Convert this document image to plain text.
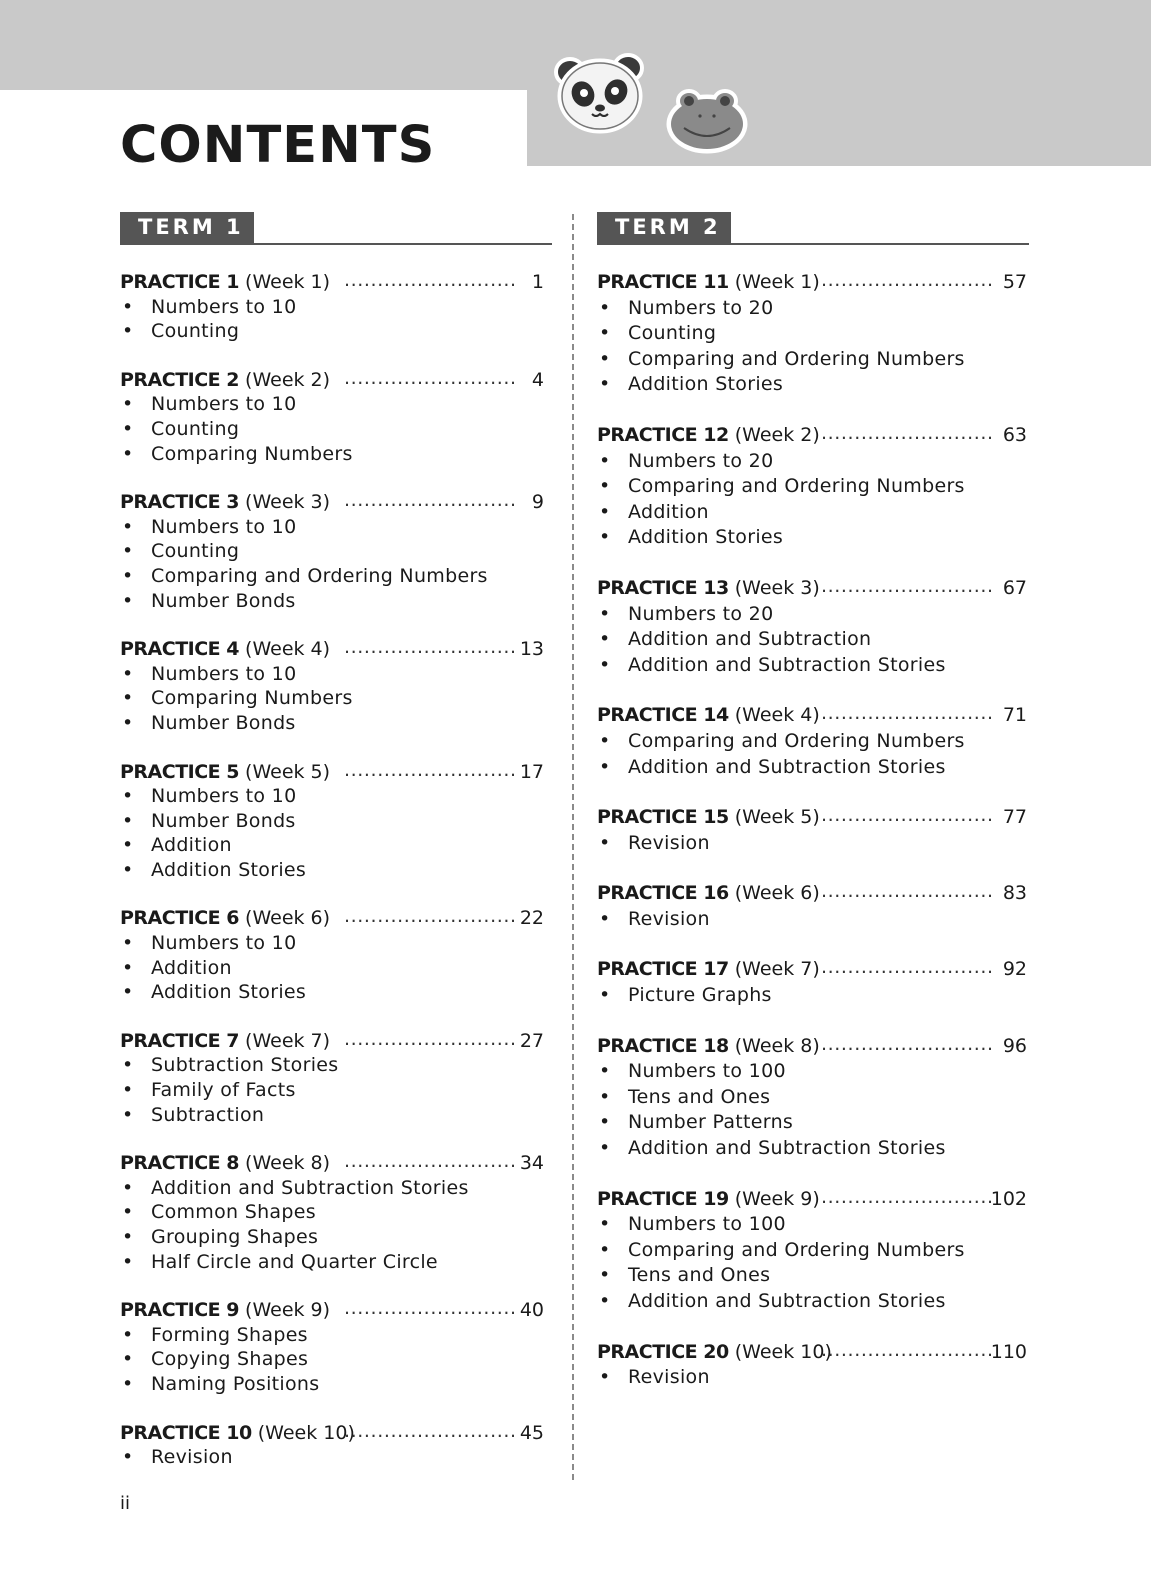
CONTENTS
TERM 1
PRACTICE 1 (Week 1) .......................... 1
• Numbers to 10
• Counting
PRACTICE 2 (Week 2) .......................... 4
• Numbers to 10
• Counting
• Comparing Numbers
PRACTICE 3 (Week 3) .......................... 9
• Numbers to 10
• Counting
• Comparing and Ordering Numbers
• Number Bonds
PRACTICE 4 (Week 4) .......................... 13
• Numbers to 10
• Comparing Numbers
• Number Bonds
PRACTICE 5 (Week 5) .......................... 17
• Numbers to 10
• Number Bonds
• Addition
• Addition Stories
PRACTICE 6 (Week 6) .......................... 22
• Numbers to 10
• Addition
• Addition Stories
PRACTICE 7 (Week 7) .......................... 27
• Subtraction Stories
• Family of Facts
• Subtraction
PRACTICE 8 (Week 8) .......................... 34
• Addition and Subtraction Stories
• Common Shapes
• Grouping Shapes
• Half Circle and Quarter Circle
PRACTICE 9 (Week 9) .......................... 40
• Forming Shapes
• Copying Shapes
• Naming Positions
PRACTICE 10 (Week 10)
.......................... 45
• Revision
TERM 2
PRACTICE 11 (Week 1) .......................... 57
• Numbers to 20
• Counting
• Comparing and Ordering Numbers
• Addition Stories
PRACTICE 12 (Week 2) .......................... 63
• Numbers to 20
• Comparing and Ordering Numbers
• Addition
• Addition Stories
PRACTICE 13 (Week 3) .......................... 67
• Numbers to 20
• Addition and Subtraction
• Addition and Subtraction Stories
PRACTICE 14 (Week 4) .......................... 71
• Comparing and Ordering Numbers
• Addition and Subtraction Stories
PRACTICE 15 (Week 5) .......................... 77
• Revision
PRACTICE 16 (Week 6) .......................... 83
• Revision
PRACTICE 17 (Week 7) .......................... 92
• Picture Graphs
PRACTICE 18 (Week 8) .......................... 96
• Numbers to 100
• Tens and Ones
• Number Patterns
• Addition and Subtraction Stories
PRACTICE 19 (Week 9) ..........................
102
• Numbers to 100
• Comparing and Ordering Numbers
• Tens and Ones
• Addition and Subtraction Stories
PRACTICE 20 (Week 10)
..........................
110
• Revision
ii
